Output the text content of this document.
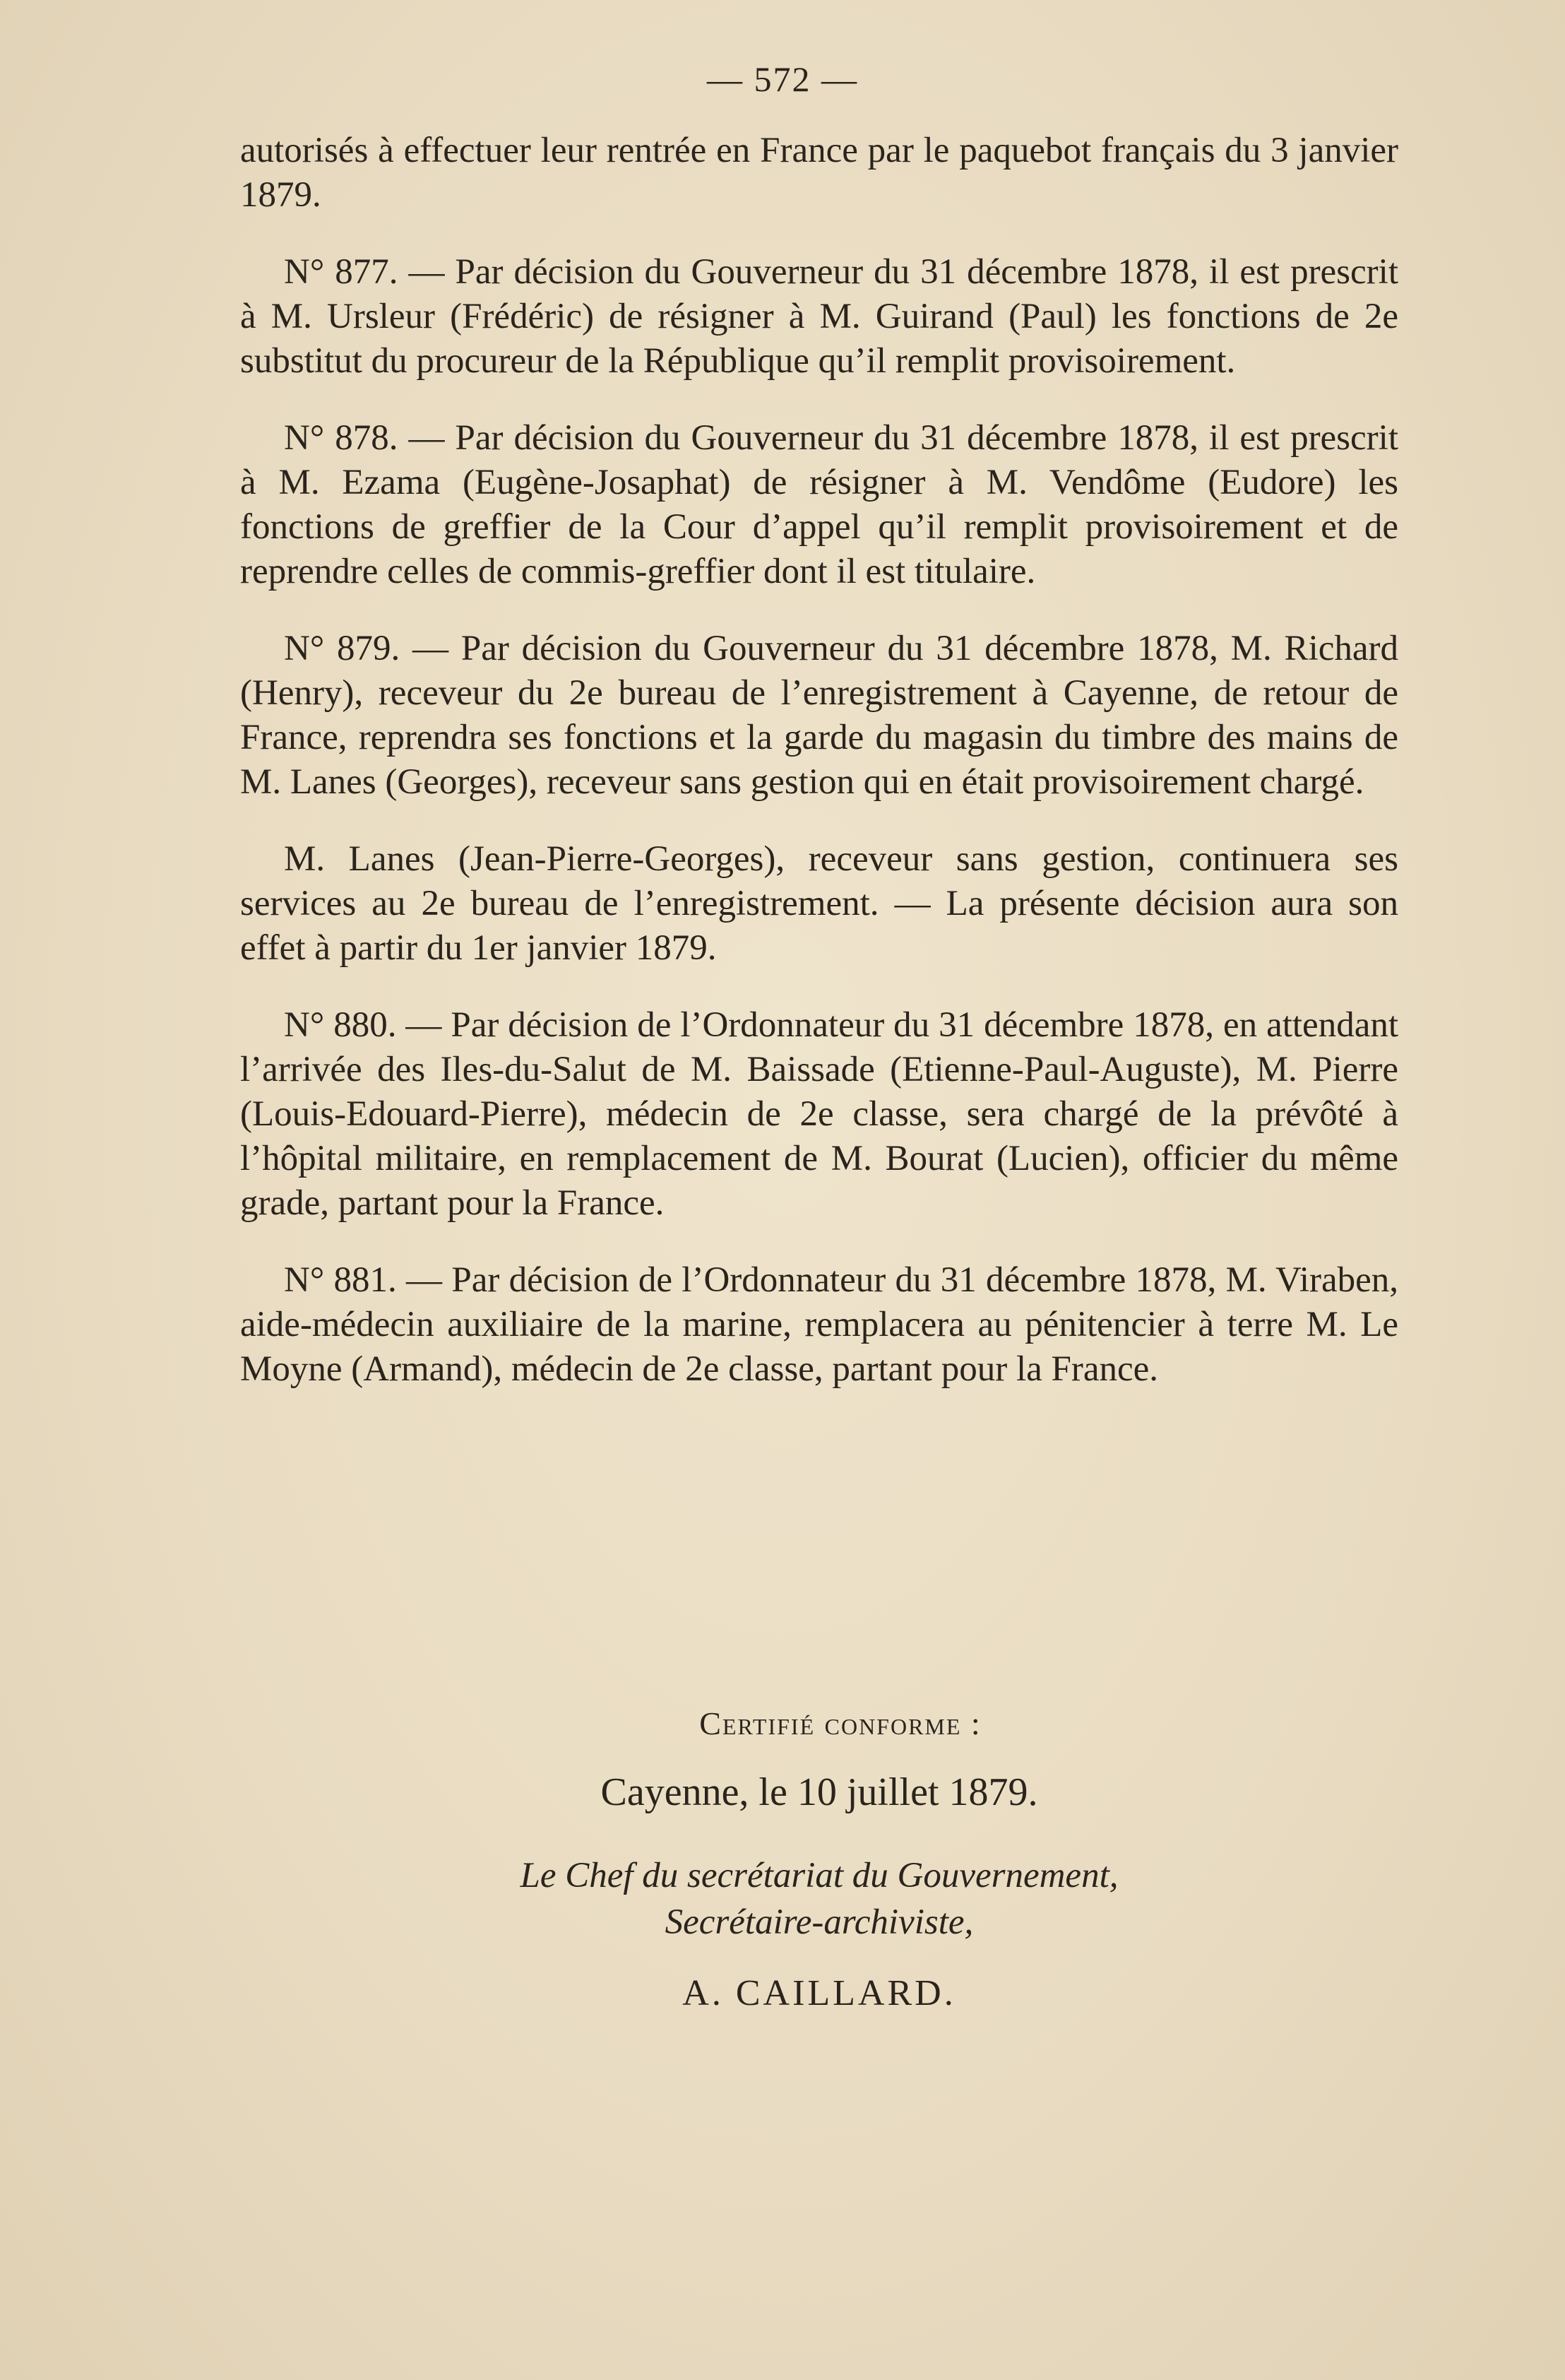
— 572 —

autorisés à effectuer leur rentrée en France par le paquebot français du 3 janvier 1879.

N° 877. — Par décision du Gouverneur du 31 décembre 1878, il est prescrit à M. Ursleur (Frédéric) de résigner à M. Guirand (Paul) les fonctions de 2e substitut du procureur de la République qu’il remplit provisoirement.

N° 878. — Par décision du Gouverneur du 31 décembre 1878, il est prescrit à M. Ezama (Eugène-Josaphat) de résigner à M. Vendôme (Eudore) les fonctions de greffier de la Cour d’appel qu’il remplit provisoirement et de reprendre celles de commis-greffier dont il est titulaire.

N° 879. — Par décision du Gouverneur du 31 décembre 1878, M. Richard (Henry), receveur du 2e bureau de l’enregistrement à Cayenne, de retour de France, reprendra ses fonctions et la garde du magasin du timbre des mains de M. Lanes (Georges), receveur sans gestion qui en était provisoirement chargé.

M. Lanes (Jean-Pierre-Georges), receveur sans gestion, continuera ses services au 2e bureau de l’enregistrement. — La présente décision aura son effet à partir du 1er janvier 1879.

N° 880. — Par décision de l’Ordonnateur du 31 décembre 1878, en attendant l’arrivée des Iles-du-Salut de M. Baissade (Etienne-Paul-Auguste), M. Pierre (Louis-Edouard-Pierre), médecin de 2e classe, sera chargé de la prévôté à l’hôpital militaire, en remplacement de M. Bourat (Lucien), officier du même grade, partant pour la France.

N° 881. — Par décision de l’Ordonnateur du 31 décembre 1878, M. Viraben, aide-médecin auxiliaire de la marine, remplacera au pénitencier à terre M. Le Moyne (Armand), médecin de 2e classe, partant pour la France.

Certifié conforme :
Cayenne, le 10 juillet 1879.
Le Chef du secrétariat du Gouvernement,
Secrétaire-archiviste,
A. CAILLARD.
